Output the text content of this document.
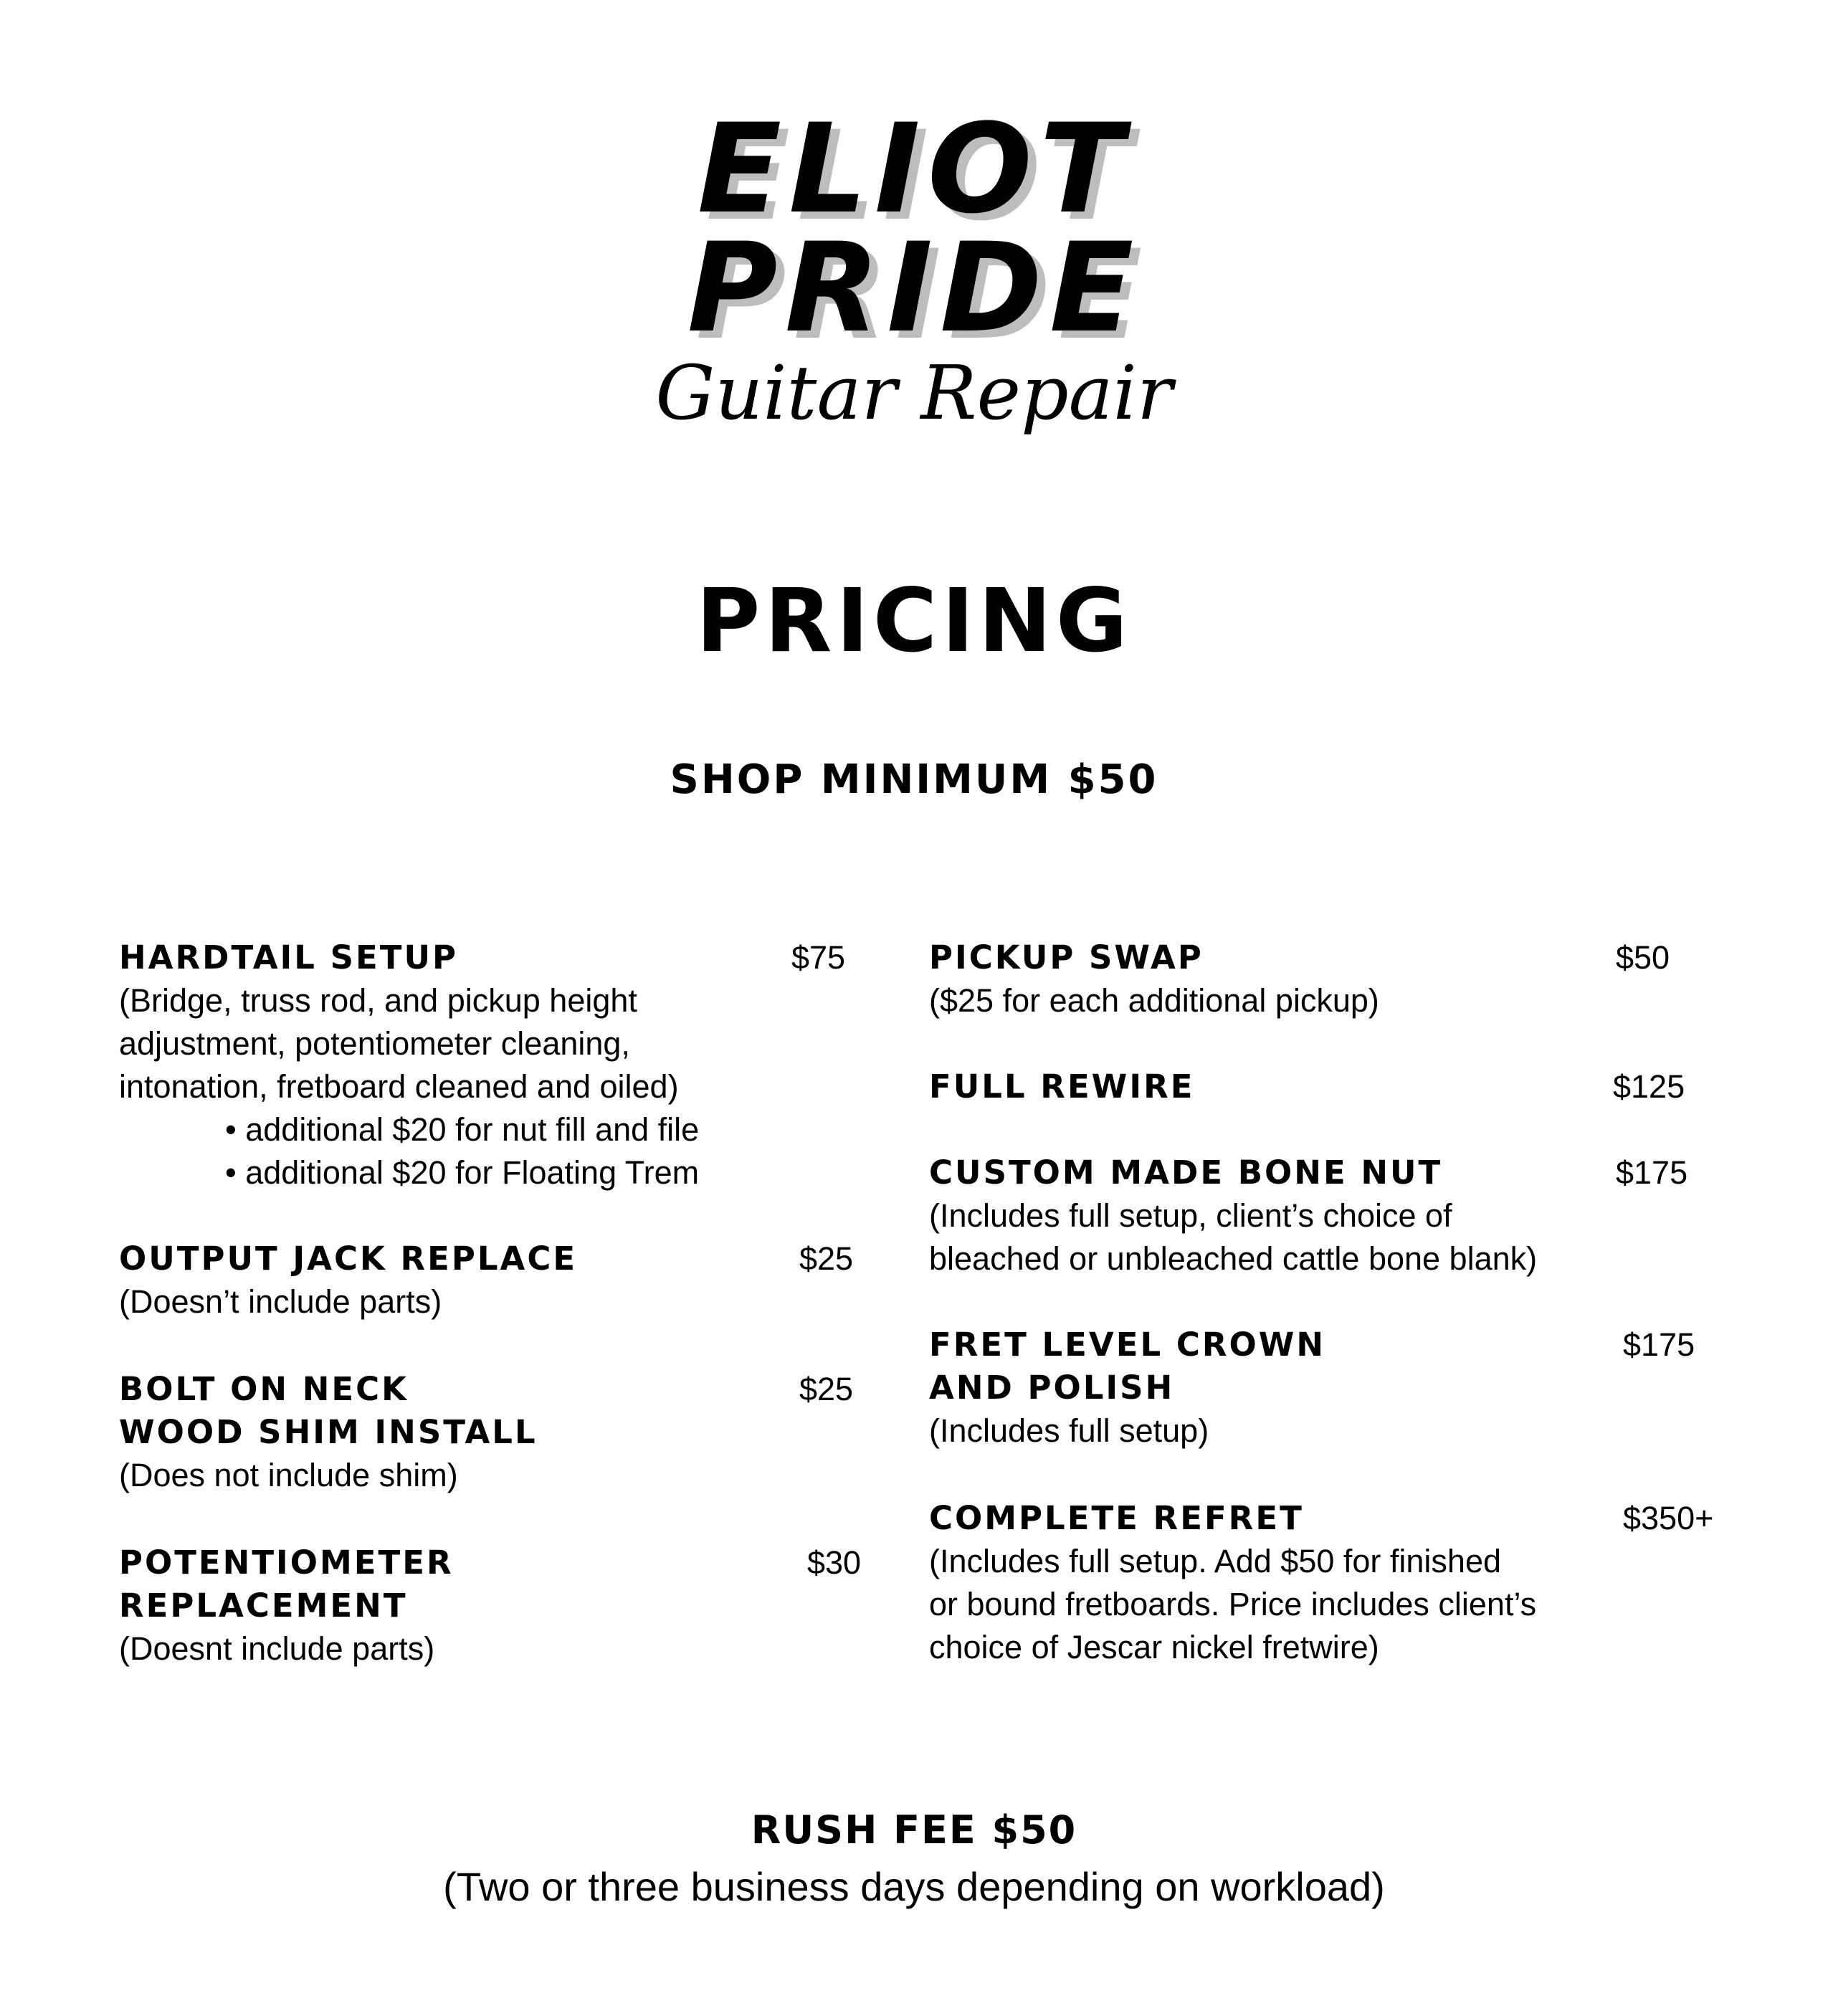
ELIOT
PRIDE
Guitar Repair
PRICING
SHOP MINIMUM $50
HARDTAIL SETUP	$75
(Bridge, truss rod, and pickup height
adjustment, potentiometer cleaning,
intonation, fretboard cleaned and oiled)
• additional $20 for nut fill and file
• additional $20 for Floating Trem
OUTPUT JACK REPLACE	$25
(Doesn’t include parts)
BOLT ON NECK
WOOD SHIM INSTALL
$25
(Does not include shim)
POTENTIOMETER
REPLACEMENT
$30
(Doesnt include parts)
PICKUP SWAP	$50
($25 for each additional pickup)
FULL REWIRE	$125
CUSTOM MADE BONE NUT	$175
(Includes full setup, client’s choice of
bleached or unbleached cattle bone blank)
FRET LEVEL CROWN
AND POLISH
$175
(Includes full setup)
COMPLETE REFRET	$350+
(Includes full setup. Add $50 for finished
or bound fretboards. Price includes client’s
choice of Jescar nickel fretwire)
RUSH FEE $50
(Two or three business days depending on workload)
